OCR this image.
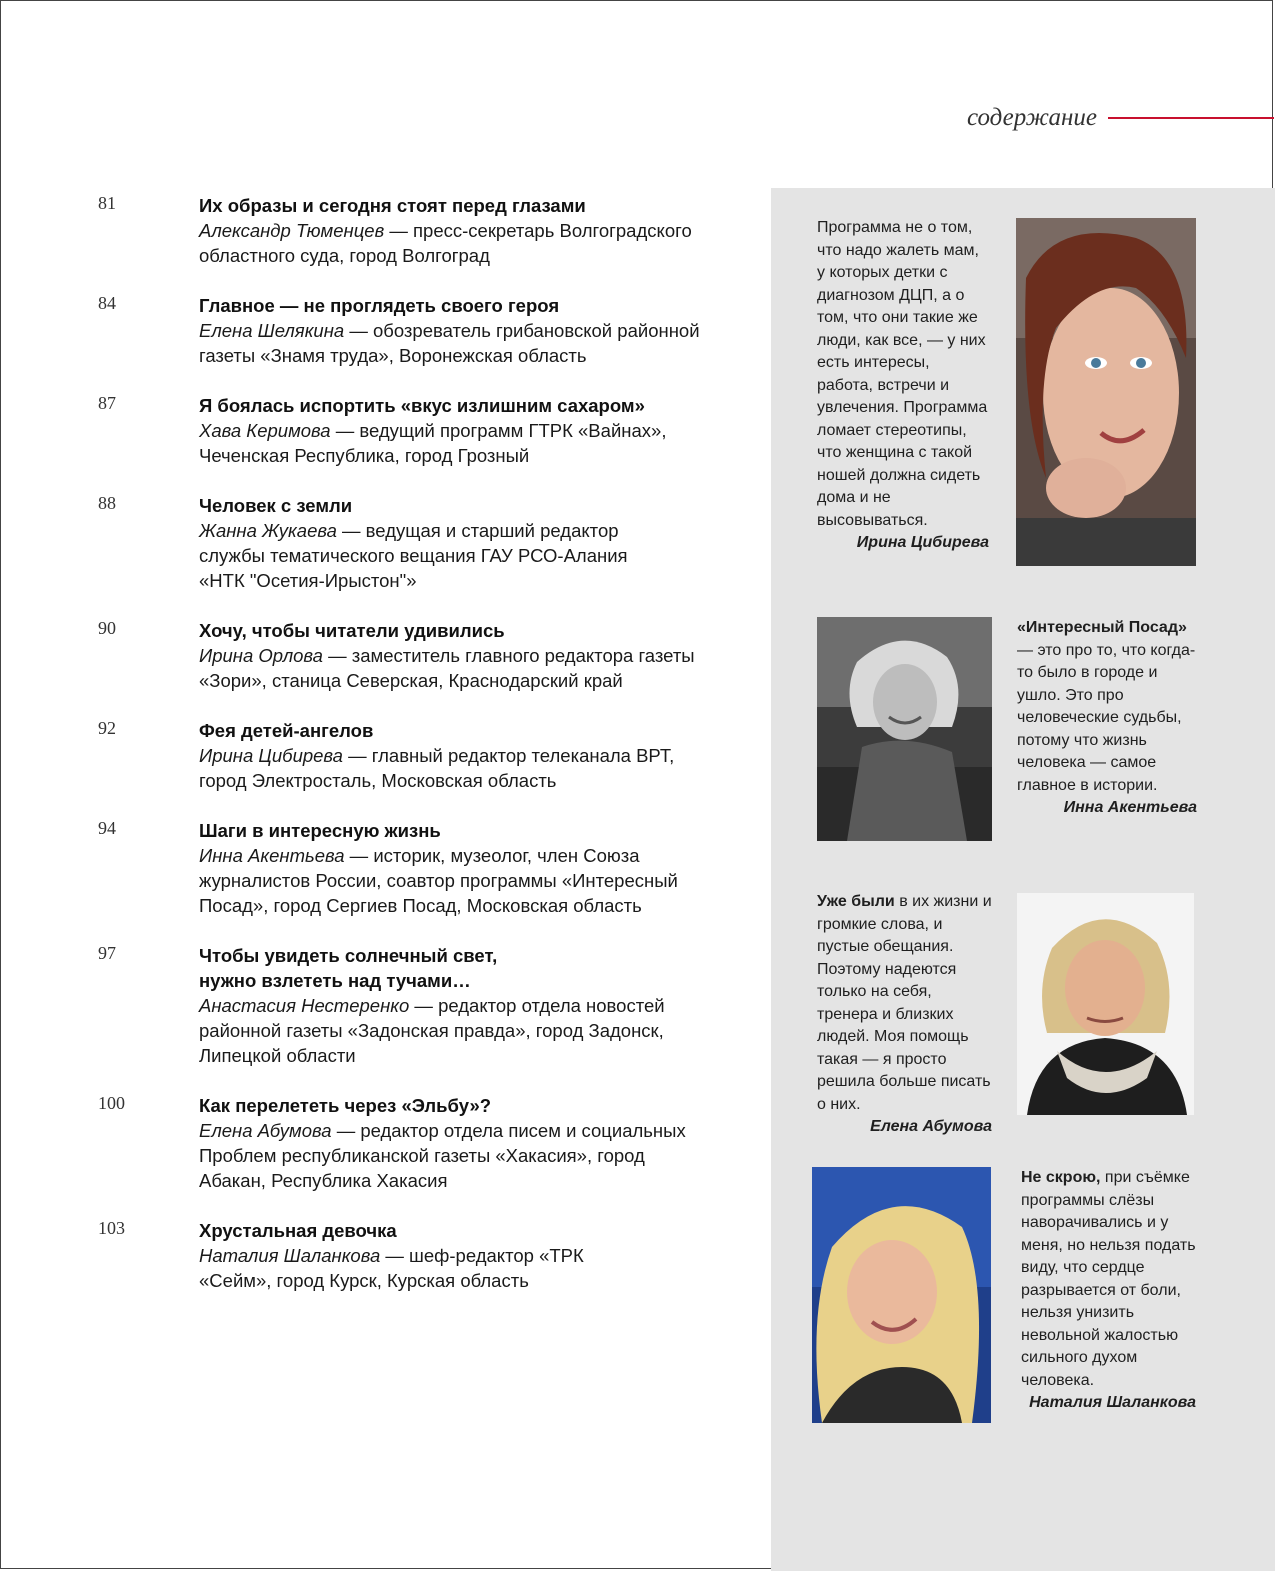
содержание
81	Их образы и сегодня стоят перед глазами
Александр Тюменцев — пресс-секретарь Волгоградского областного суда, город Волгоград
84	Главное — не проглядеть своего героя
Елена Шелякина — обозреватель грибановской районной газеты «Знамя труда», Воронежская область
87	Я боялась испортить «вкус излишним сахаром»
Хава Керимова — ведущий программ ГТРК «Вайнах», Чеченская Республика, город Грозный
88	Человек с земли
Жанна Жукаева — ведущая и старший редактор службы тематического вещания ГАУ РСО-Алания «НТК "Осетия-Ирыстон"»
90	Хочу, чтобы читатели удивились
Ирина Орлова — заместитель главного редактора газеты «Зори», станица Северская, Краснодарский край
92	Фея детей-ангелов
Ирина Цибирева — главный редактор телеканала ВРТ, город Электросталь, Московская область
94	Шаги в интересную жизнь
Инна Акентьева — историк, музеолог, член Союза журналистов России, соавтор программы «Интересный Посад», город Сергиев Посад, Московская область
97	Чтобы увидеть солнечный свет, нужно взлететь над тучами…
Анастасия Нестеренко — редактор отдела новостей районной газеты «Задонская правда», город Задонск, Липецкой области
100	Как перелететь через «Эльбу»?
Елена Абумова — редактор отдела писем и социальных Проблем республиканской газеты «Хакасия», город Абакан, Республика Хакасия
103	Хрустальная девочка
Наталия Шаланкова — шеф-редактор «ТРК «Сейм», город Курск, Курская область
Программа не о том, что надо жалеть мам, у которых детки с диагнозом ДЦП, а о том, что они такие же люди, как все, — у них есть интересы, работа, встречи и увлечения. Программа ломает стереотипы, что женщина с такой ношей должна сидеть дома и не высовываться.
Ирина Цибирева
«Интересный Посад» — это про то, что когда-то было в городе и ушло. Это про человеческие судьбы, потому что жизнь человека — самое главное в истории.
Инна Акентьева
Уже были в их жизни и громкие слова, и пустые обещания. Поэтому надеются только на себя, тренера и близких людей. Моя помощь такая — я просто решила больше писать о них.
Елена Абумова
Не скрою, при съёмке программы слёзы наворачивались и у меня, но нельзя подать виду, что сердце разрывается от боли, нельзя унизить невольной жалостью сильного духом человека.
Наталия Шаланкова
